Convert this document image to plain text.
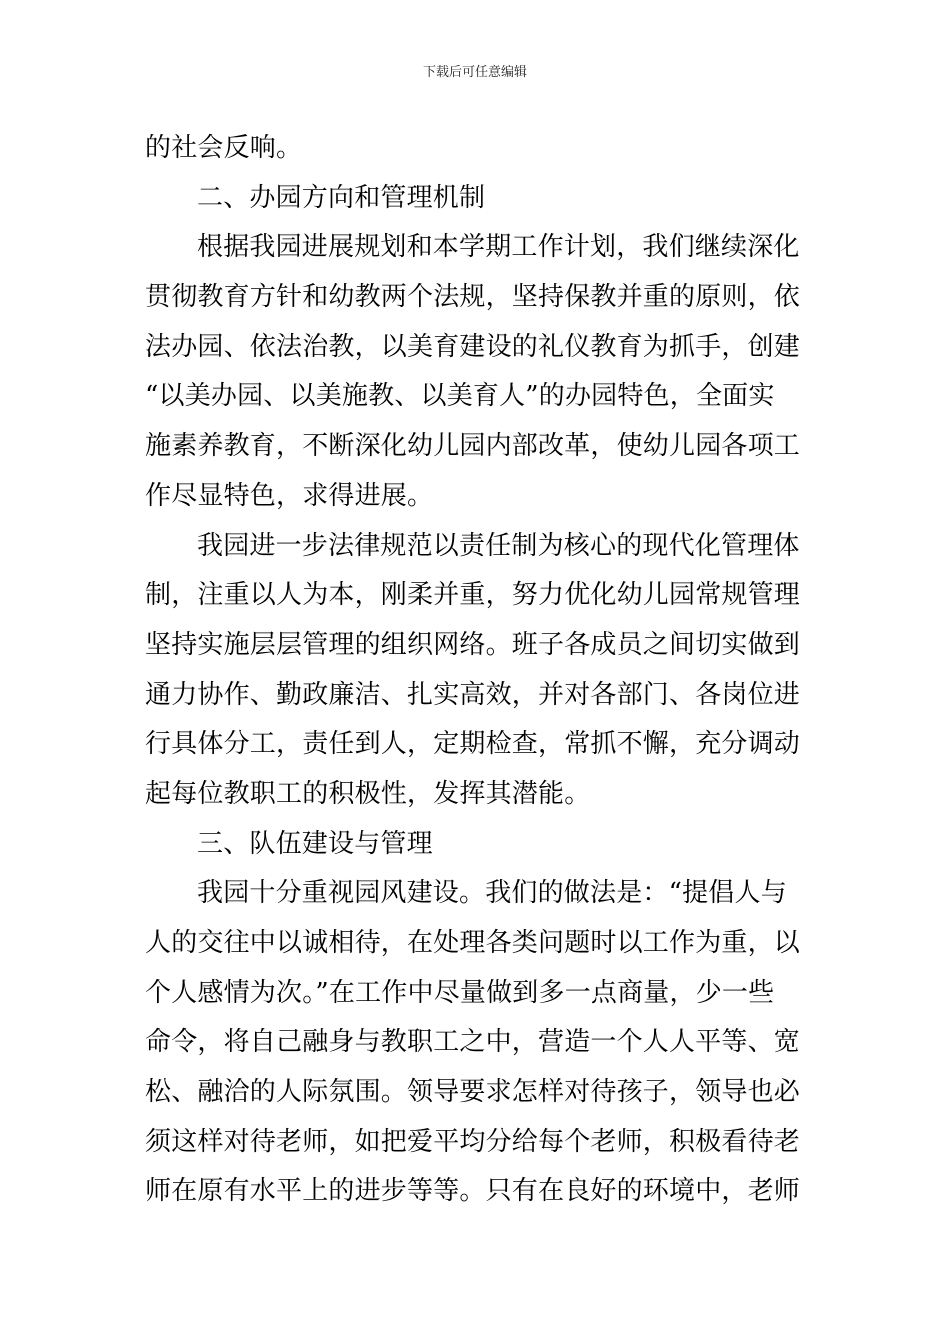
下载后可任意编辑
的社会反响。
二、办园方向和管理机制
根据我园进展规划和本学期工作计划，我们继续深化
贯彻教育方针和幼教两个法规，坚持保教并重的原则，依
法办园、依法治教，以美育建设的礼仪教育为抓手，创建
“以美办园、以美施教、以美育人”的办园特色，全面实
施素养教育，不断深化幼儿园内部改革，使幼儿园各项工
作尽显特色，求得进展。
我园进一步法律规范以责任制为核心的现代化管理体
制，注重以人为本，刚柔并重，努力优化幼儿园常规管理
坚持实施层层管理的组织网络。班子各成员之间切实做到
通力协作、勤政廉洁、扎实高效，并对各部门、各岗位进
行具体分工，责任到人，定期检查，常抓不懈，充分调动
起每位教职工的积极性，发挥其潜能。
三、队伍建设与管理
我园十分重视园风建设。我们的做法是：“提倡人与
人的交往中以诚相待，在处理各类问题时以工作为重，以
个人感情为次。”在工作中尽量做到多一点商量，少一些
命令，将自己融身与教职工之中，营造一个人人平等、宽
松、融洽的人际氛围。领导要求怎样对待孩子，领导也必
须这样对待老师，如把爱平均分给每个老师，积极看待老
师在原有水平上的进步等等。只有在良好的环境中，老师
